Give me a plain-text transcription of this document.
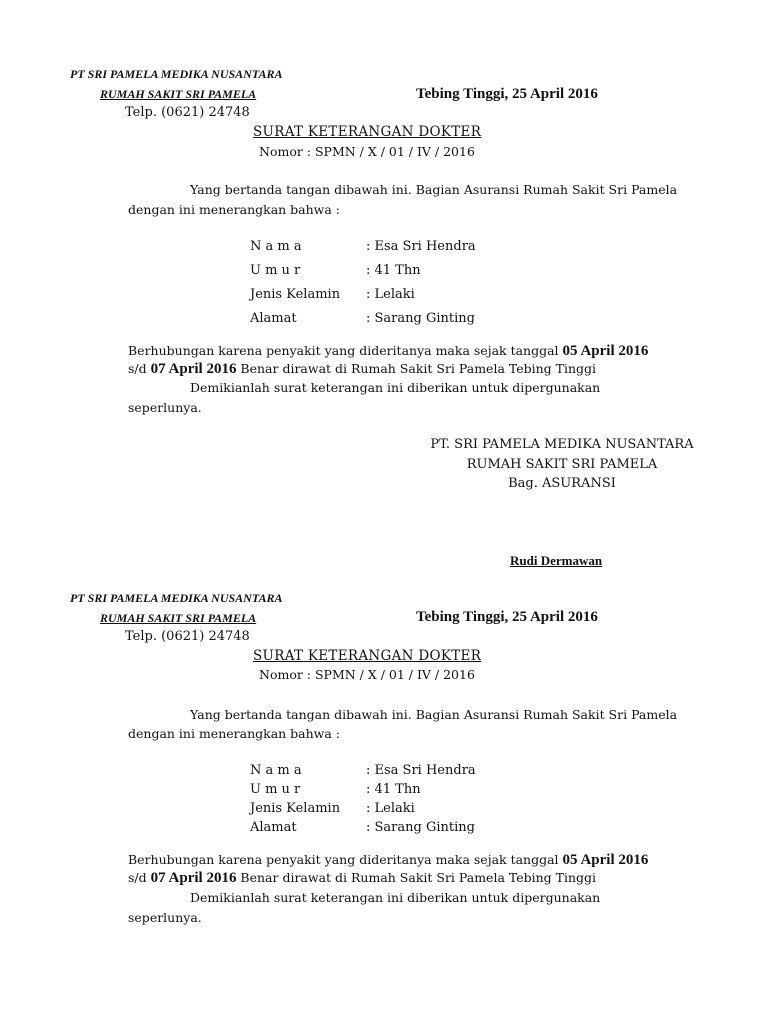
PT SRI PAMELA MEDIKA NUSANTARA
RUMAH SAKIT SRI PAMELA	Tebing Tinggi, 25 April 2016
Telp. (0621) 24748
SURAT KETERANGAN DOKTER
Nomor : SPMN / X / 01 / IV / 2016
Yang bertanda tangan dibawah ini. Bagian Asuransi Rumah Sakit Sri Pamela
dengan ini menerangkan bahwa :
N a m a	: Esa Sri Hendra
U m u r	: 41 Thn
Jenis Kelamin : Lelaki
Alamat	: Sarang Ginting
Berhubungan karena penyakit yang dideritanya maka sejak tanggal 05 April 2016
s/d 07 April 2016 Benar dirawat di Rumah Sakit Sri Pamela Tebing Tinggi
Demikianlah surat keterangan ini diberikan untuk dipergunakan
seperlunya.
PT. SRI PAMELA MEDIKA NUSANTARA
RUMAH SAKIT SRI PAMELA
Bag. ASURANSI
Rudi Dermawan
PT SRI PAMELA MEDIKA NUSANTARA
RUMAH SAKIT SRI PAMELA	Tebing Tinggi, 25 April 2016
Telp. (0621) 24748
SURAT KETERANGAN DOKTER
Nomor : SPMN / X / 01 / IV / 2016
Yang bertanda tangan dibawah ini. Bagian Asuransi Rumah Sakit Sri Pamela
dengan ini menerangkan bahwa :
N a m a	: Esa Sri Hendra
U m u r	: 41 Thn
Jenis Kelamin : Lelaki
Alamat	: Sarang Ginting
Berhubungan karena penyakit yang dideritanya maka sejak tanggal 05 April 2016
s/d 07 April 2016 Benar dirawat di Rumah Sakit Sri Pamela Tebing Tinggi
Demikianlah surat keterangan ini diberikan untuk dipergunakan
seperlunya.
